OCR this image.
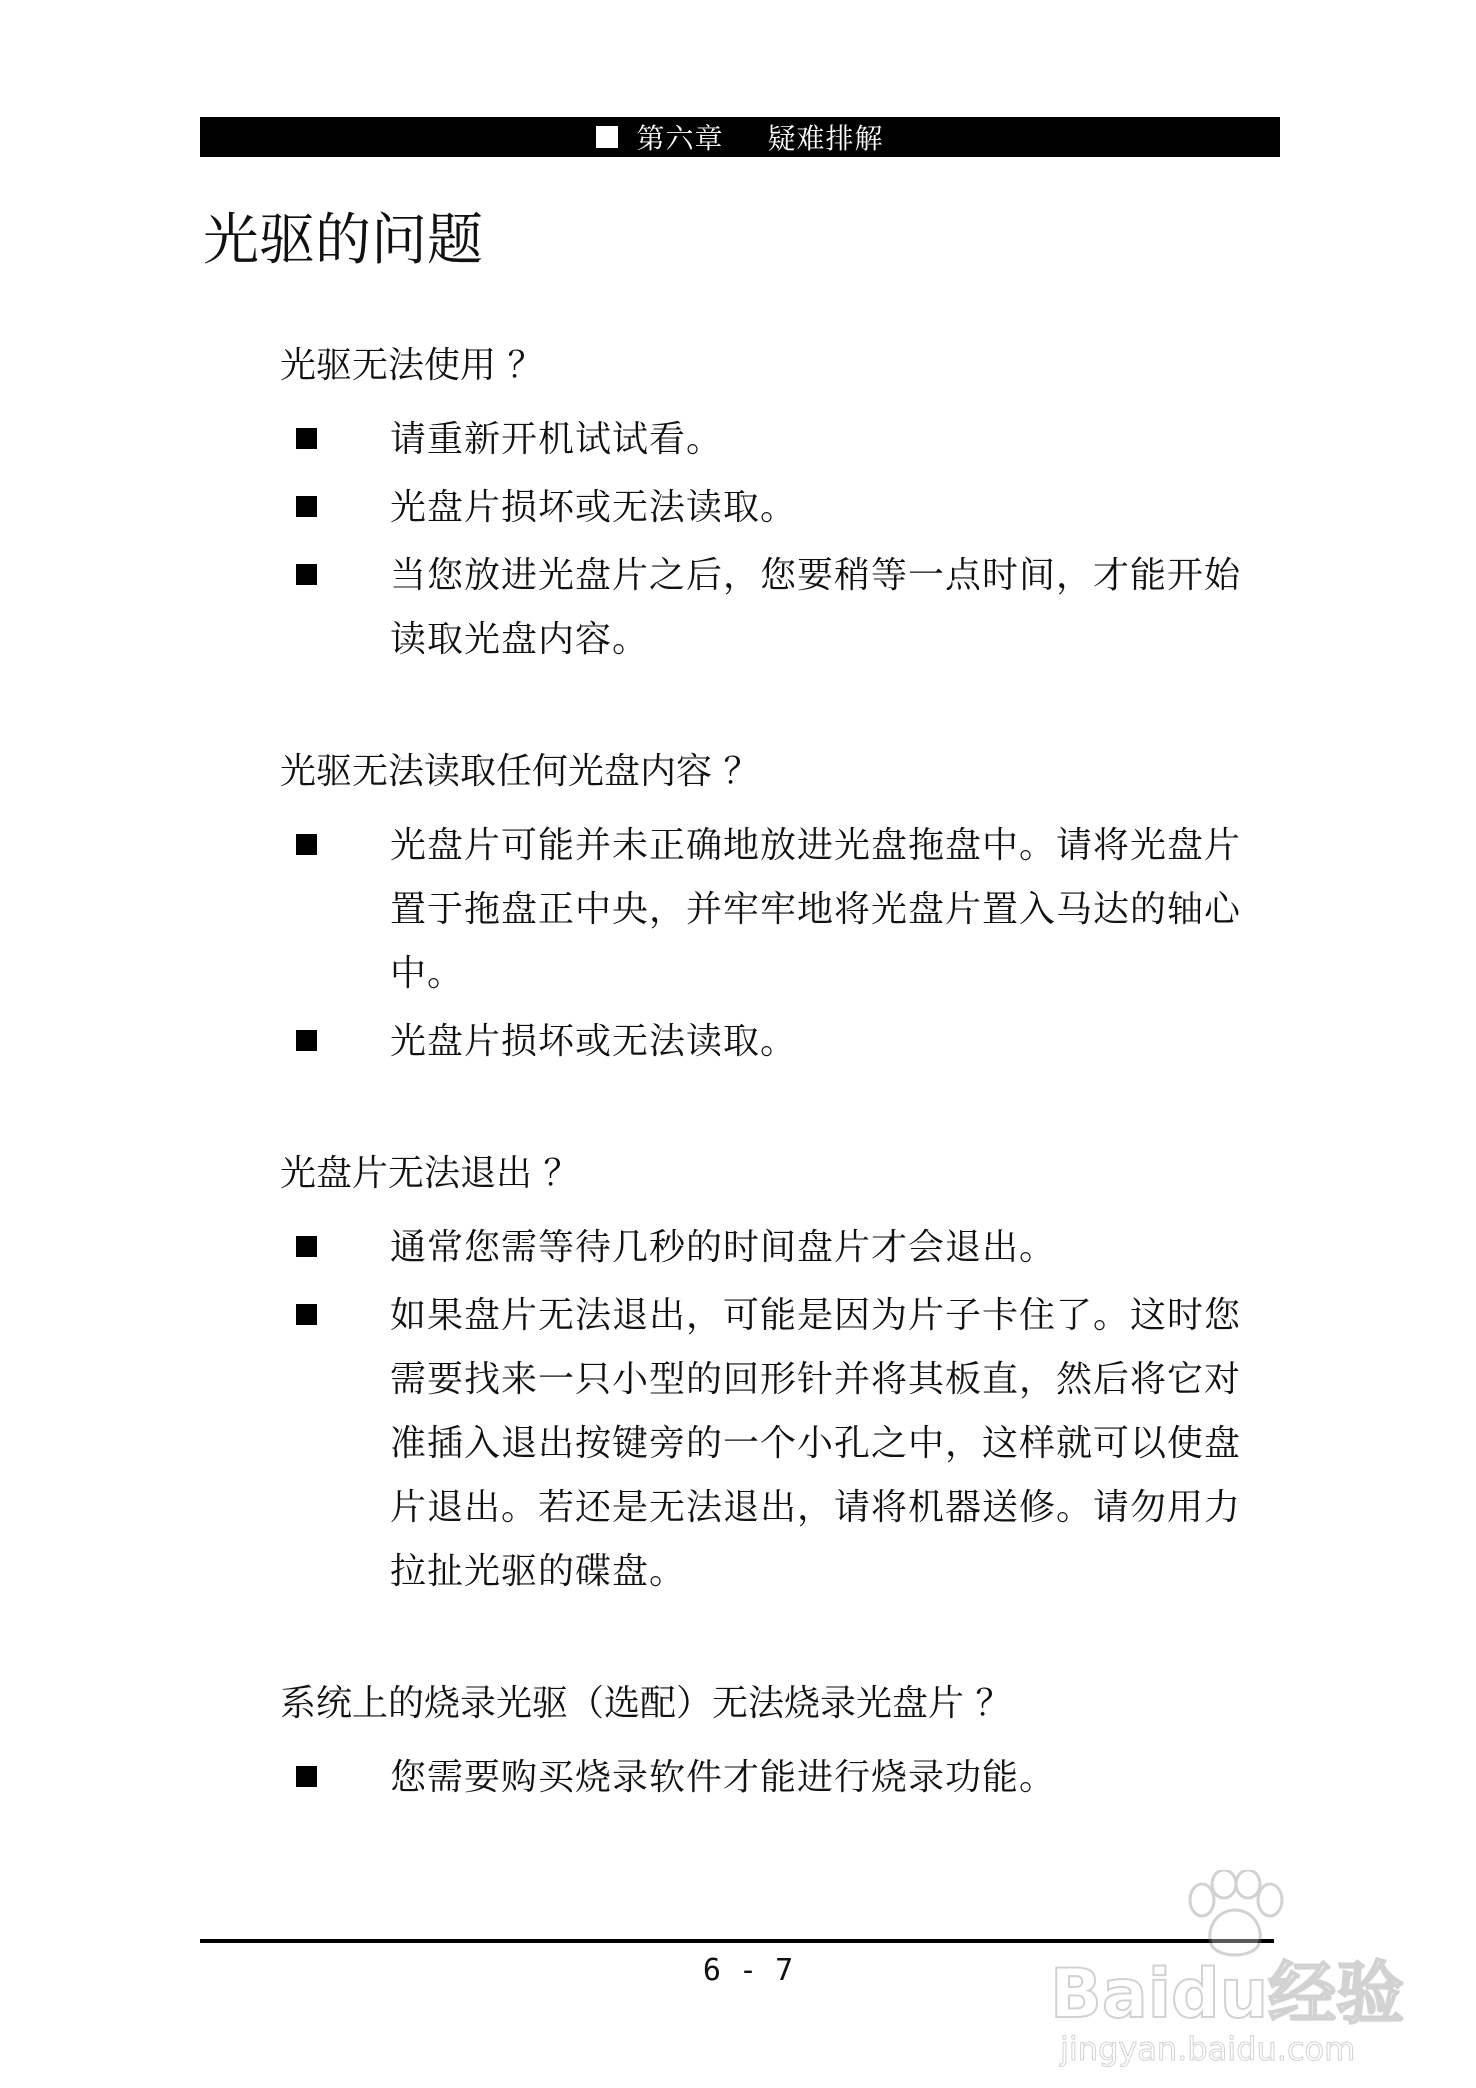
第六章 疑难排解
光驱的问题

光驱无法使用 ？

请重新开机试试看。
光盘片损坏或无法读取。
当您放进光盘片之后，您要稍等一点时间，才能开始读取光盘内容。

光驱无法读取任何光盘内容 ？

光盘片可能并未正确地放进光盘拖盘中。请将光盘片置于拖盘正中央，并牢牢地将光盘片置入马达的轴心中。
光盘片损坏或无法读取。

光盘片无法退出 ？

通常您需等待几秒的时间盘片才会退出。
如果盘片无法退出，可能是因为片子卡住了。这时您需要找来一只小型的回形针并将其板直，然后将它对准插入退出按键旁的一个小孔之中，这样就可以使盘片退出。若还是无法退出，请将机器送修。请勿用力拉扯光驱的碟盘。

系统上的烧录光驱（选配）无法烧录光盘片 ？

您需要购买烧录软件才能进行烧录功能。
6 - 7	Baidu经验
jingyan.baidu.com
